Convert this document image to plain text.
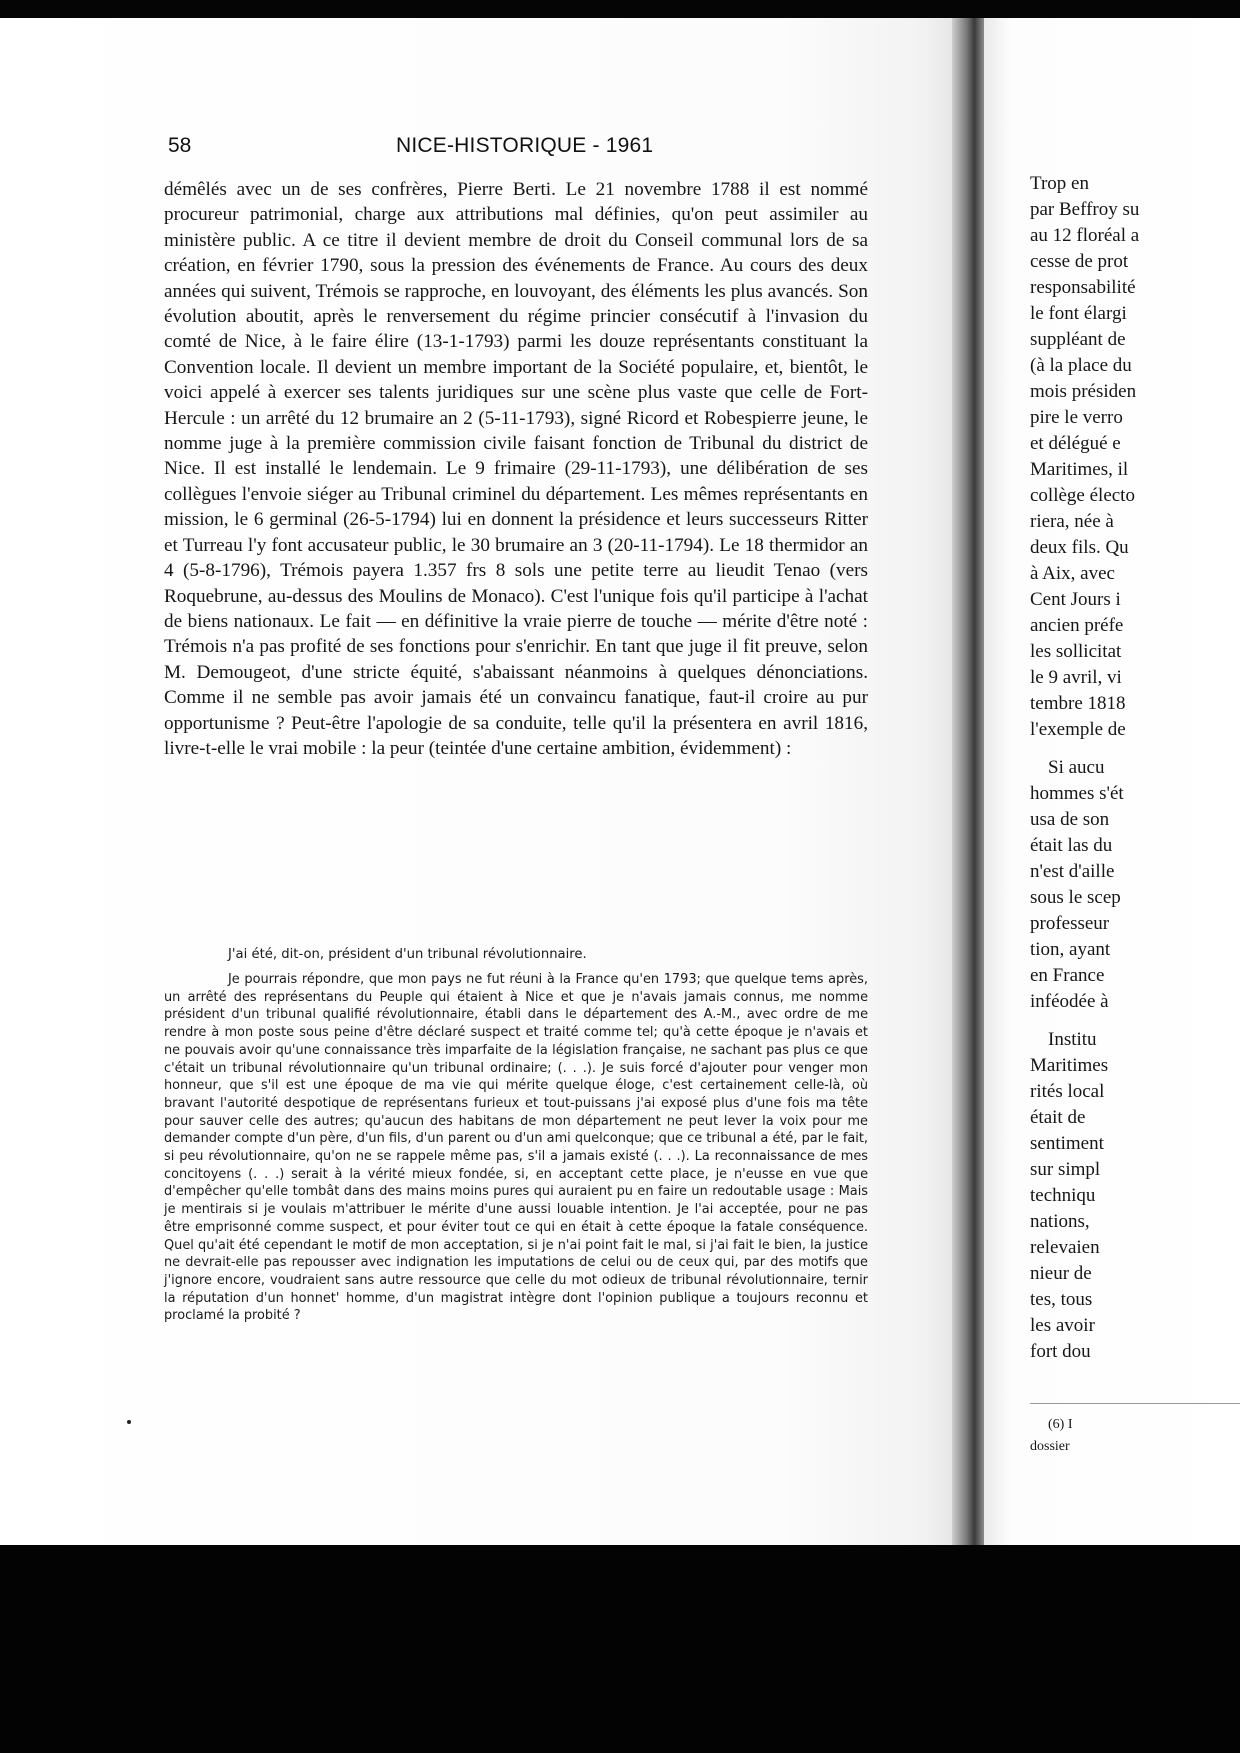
58	NICE-HISTORIQUE - 1961

démêlés avec un de ses confrères, Pierre Berti. Le 21 novembre 1788 il est nommé procureur patrimonial, charge aux attributions mal définies, qu'on peut assimiler au ministère public. A ce titre il devient membre de droit du Conseil communal lors de sa création, en février 1790, sous la pression des événements de France. Au cours des deux années qui suivent, Trémois se rapproche, en louvoyant, des éléments les plus avancés. Son évolution aboutit, après le renversement du régime princier consécutif à l'invasion du comté de Nice, à le faire élire (13-1-1793) parmi les douze représentants constituant la Convention locale. Il devient un membre important de la Société populaire, et, bientôt, le voici appelé à exercer ses talents juridiques sur une scène plus vaste que celle de Fort-Hercule : un arrêté du 12 brumaire an 2 (5-11-1793), signé Ricord et Robespierre jeune, le nomme juge à la première commission civile faisant fonction de Tribunal du district de Nice. Il est installé le lendemain. Le 9 frimaire (29-11-1793), une délibération de ses collègues l'envoie siéger au Tribunal criminel du département. Les mêmes représentants en mission, le 6 germinal (26-5-1794) lui en donnent la présidence et leurs successeurs Ritter et Turreau l'y font accusateur public, le 30 brumaire an 3 (20-11-1794). Le 18 thermidor an 4 (5-8-1796), Trémois payera 1.357 frs 8 sols une petite terre au lieudit Tenao (vers Roquebrune, au-dessus des Moulins de Monaco). C'est l'unique fois qu'il participe à l'achat de biens nationaux. Le fait — en définitive la vraie pierre de touche — mérite d'être noté : Trémois n'a pas profité de ses fonctions pour s'enrichir. En tant que juge il fit preuve, selon M. Demougeot, d'une stricte équité, s'abaissant néanmoins à quelques dénonciations. Comme il ne semble pas avoir jamais été un convaincu fanatique, faut-il croire au pur opportunisme ? Peut-être l'apologie de sa conduite, telle qu'il la présentera en avril 1816, livre-t-elle le vrai mobile : la peur (teintée d'une certaine ambition, évidemment) :

J'ai été, dit-on, président d'un tribunal révolutionnaire.

Je pourrais répondre, que mon pays ne fut réuni à la France qu'en 1793; que quelque tems après, un arrêté des représentans du Peuple qui étaient à Nice et que je n'avais jamais connus, me nomme président d'un tribunal qualifié révolutionnaire, établi dans le département des A.-M., avec ordre de me rendre à mon poste sous peine d'être déclaré suspect et traité comme tel; qu'à cette époque je n'avais et ne pouvais avoir qu'une connaissance très imparfaite de la législation française, ne sachant pas plus ce que c'était un tribunal révolutionnaire qu'un tribunal ordinaire; (. . .). Je suis forcé d'ajouter pour venger mon honneur, que s'il est une époque de ma vie qui mérite quelque éloge, c'est certainement celle-là, où bravant l'autorité despotique de représentans furieux et tout-puissans j'ai exposé plus d'une fois ma tête pour sauver celle des autres; qu'aucun des habitans de mon département ne peut lever la voix pour me demander compte d'un père, d'un fils, d'un parent ou d'un ami quelconque; que ce tribunal a été, par le fait, si peu révolutionnaire, qu'on ne se rappele même pas, s'il a jamais existé (. . .). La reconnaissance de mes concitoyens (. . .) serait à la vérité mieux fondée, si, en acceptant cette place, je n'eusse en vue que d'empêcher qu'elle tombât dans des mains moins pures qui auraient pu en faire un redoutable usage : Mais je mentirais si je voulais m'attribuer le mérite d'une aussi louable intention. Je l'ai acceptée, pour ne pas être emprisonné comme suspect, et pour éviter tout ce qui en était à cette époque la fatale conséquence. Quel qu'ait été cependant le motif de mon acceptation, si je n'ai point fait le mal, si j'ai fait le bien, la justice ne devrait-elle pas repousser avec indignation les imputations de celui ou de ceux qui, par des motifs que j'ignore encore, voudraient sans autre ressource que celle du mot odieux de tribunal révolutionnaire, ternir la réputation d'un honnet' homme, d'un magistrat intègre dont l'opinion publique a toujours reconnu et proclamé la probité ?

Trop en
par Beffroy su
au 12 floréal a
cesse de prot
responsabilité
le font élargi
suppléant de
(à la place du
mois présiden
pire le verro
et délégué e
Maritimes, il
collège électo
riera, née à
deux fils. Qu
à Aix, avec
Cent Jours i
ancien préfe
les sollicitat
le 9 avril, vi
tembre 1818
l'exemple de
Si aucu
hommes s'ét
usa de son
était las du
n'est d'aille
sous le scep
professeur
tion, ayant
en France
inféodée à
Institu
Maritimes
rités local
était de
sentiment
sur simpl
techniqu
nations,
relevaien
nieur de
tes, tous
les avoir
fort dou
(6) I
dossier
